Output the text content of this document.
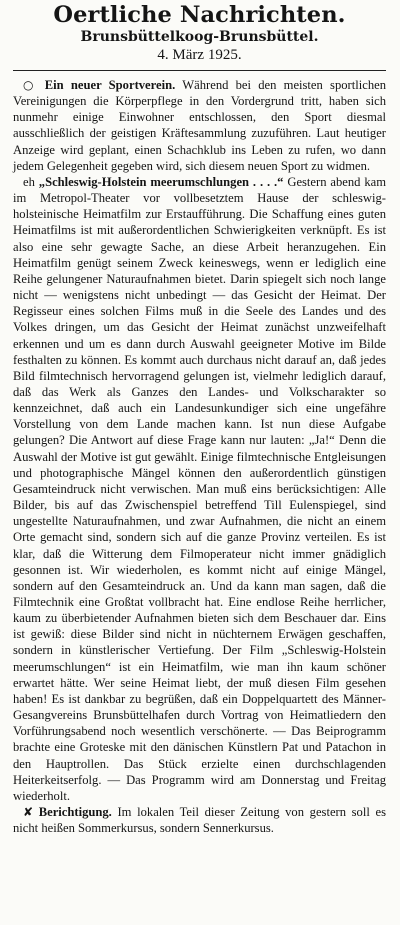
Oertliche Nachrichten.
Brunsbüttelkoog-Brunsbüttel.
4. März 1925.

○ Ein neuer Sportverein. Während bei den meisten sportlichen Vereinigungen die Körperpflege in den Vordergrund tritt, haben sich nunmehr einige Einwohner entschlossen, den Sport diesmal ausschließlich der geistigen Kräftesammlung zuzuführen. Laut heutiger Anzeige wird geplant, einen Schachklub ins Leben zu rufen, wo dann jedem Gelegenheit gegeben wird, sich diesem neuen Sport zu widmen.

eh „Schleswig-Holstein meerumschlungen . . . .“ Gestern abend kam im Metropol-Theater vor vollbesetztem Hause der schleswig-holsteinische Heimatfilm zur Erstaufführung. Die Schaffung eines guten Heimatfilms ist mit außerordentlichen Schwierigkeiten verknüpft. Es ist also eine sehr gewagte Sache, an diese Arbeit heranzugehen. Ein Heimatfilm genügt seinem Zweck keineswegs, wenn er lediglich eine Reihe gelungener Naturaufnahmen bietet. Darin spiegelt sich noch lange nicht — wenigstens nicht unbedingt — das Gesicht der Heimat. Der Regisseur eines solchen Films muß in die Seele des Landes und des Volkes dringen, um das Gesicht der Heimat zunächst unzweifelhaft erkennen und um es dann durch Auswahl geeigneter Motive im Bilde festhalten zu können. Es kommt auch durchaus nicht darauf an, daß jedes Bild filmtechnisch hervorragend gelungen ist, vielmehr lediglich darauf, daß das Werk als Ganzes den Landes- und Volkscharakter so kennzeichnet, daß auch ein Landesunkundiger sich eine ungefähre Vorstellung von dem Lande machen kann. Ist nun diese Aufgabe gelungen? Die Antwort auf diese Frage kann nur lauten: „Ja!“ Denn die Auswahl der Motive ist gut gewählt. Einige filmtechnische Entgleisungen und photographische Mängel können den außerordentlich günstigen Gesamteindruck nicht verwischen. Man muß eins berücksichtigen: Alle Bilder, bis auf das Zwischenspiel betreffend Till Eulenspiegel, sind ungestellte Naturaufnahmen, und zwar Aufnahmen, die nicht an einem Orte gemacht sind, sondern sich auf die ganze Provinz verteilen. Es ist klar, daß die Witterung dem Filmoperateur nicht immer gnädiglich gesonnen ist. Wir wiederholen, es kommt nicht auf einige Mängel, sondern auf den Gesamteindruck an. Und da kann man sagen, daß die Filmtechnik eine Großtat vollbracht hat. Eine endlose Reihe herrlicher, kaum zu überbietender Aufnahmen bieten sich dem Beschauer dar. Eins ist gewiß: diese Bilder sind nicht in nüchternem Erwägen geschaffen, sondern in künstlerischer Vertiefung. Der Film „Schleswig-Holstein meerumschlungen“ ist ein Heimatfilm, wie man ihn kaum schöner erwartet hätte. Wer seine Heimat liebt, der muß diesen Film gesehen haben! Es ist dankbar zu begrüßen, daß ein Doppelquartett des Männer-Gesangvereins Brunsbüttelhafen durch Vortrag von Heimatliedern den Vorführungsabend noch wesentlich verschönerte. — Das Beiprogramm brachte eine Groteske mit den dänischen Künstlern Pat und Patachon in den Hauptrollen. Das Stück erzielte einen durchschlagenden Heiterkeitserfolg. — Das Programm wird am Donnerstag und Freitag wiederholt.

✘ Berichtigung. Im lokalen Teil dieser Zeitung von gestern soll es nicht heißen Sommerkursus, sondern Sennerkursus.
